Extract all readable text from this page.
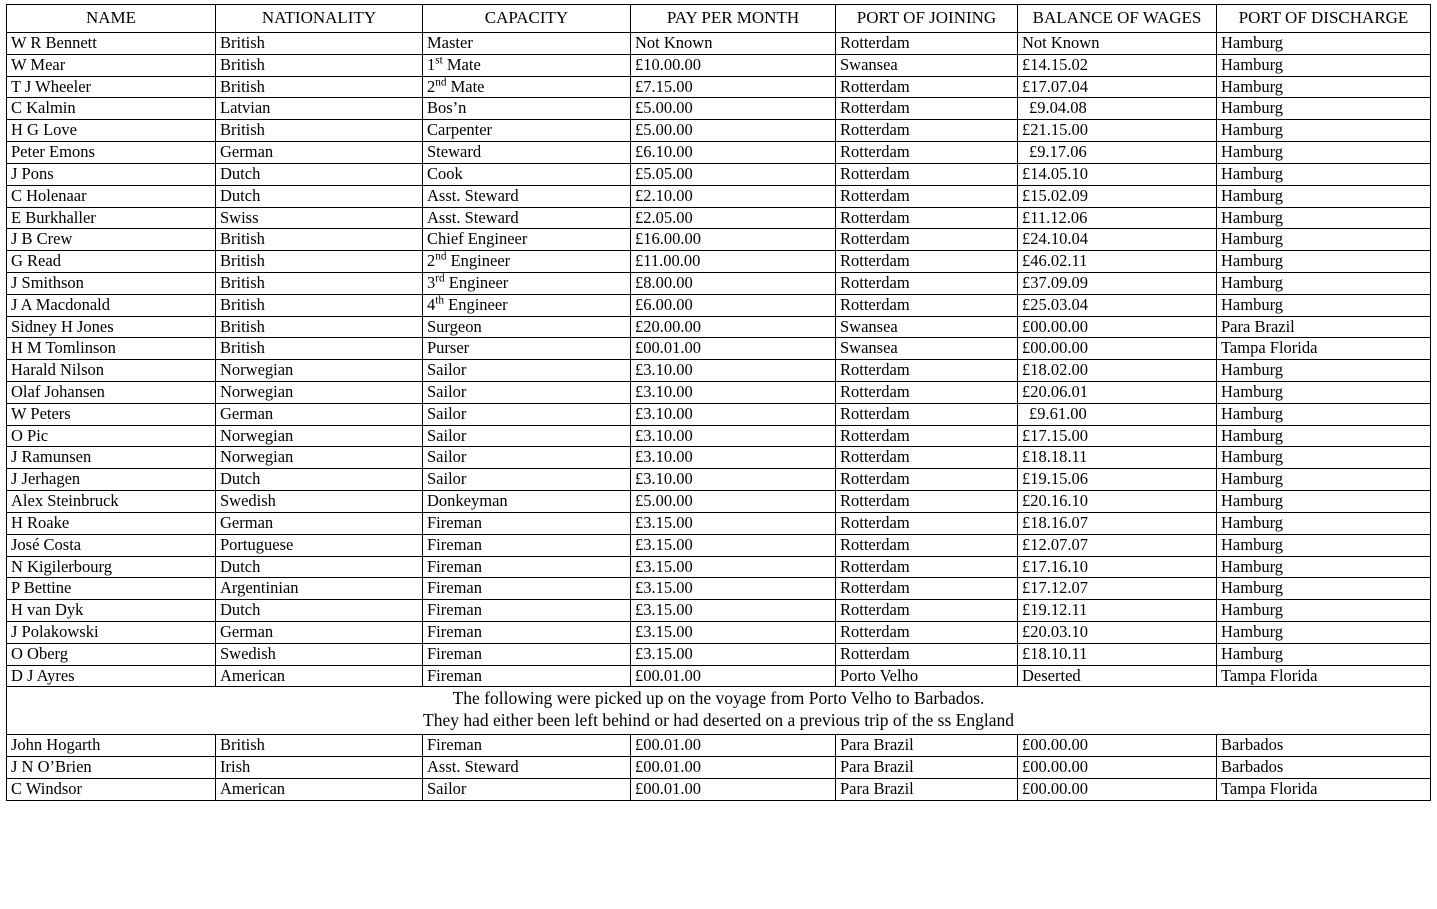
NAME	NATIONALITY	CAPACITY	PAY PER MONTH	PORT OF JOINING	BALANCE OF WAGES	PORT OF DISCHARGE
W R Bennett	British	Master	Not Known	Rotterdam	Not Known	Hamburg
W Mear	British	1st Mate	£10.00.00	Swansea	£14.15.02	Hamburg
T J Wheeler	British	2nd Mate	£7.15.00	Rotterdam	£17.07.04	Hamburg
C Kalmin	Latvian	Bos’n	£5.00.00	Rotterdam	£9.04.08	Hamburg
H G Love	British	Carpenter	£5.00.00	Rotterdam	£21.15.00	Hamburg
Peter Emons	German	Steward	£6.10.00	Rotterdam	£9.17.06	Hamburg
J Pons	Dutch	Cook	£5.05.00	Rotterdam	£14.05.10	Hamburg
C Holenaar	Dutch	Asst. Steward	£2.10.00	Rotterdam	£15.02.09	Hamburg
E Burkhaller	Swiss	Asst. Steward	£2.05.00	Rotterdam	£11.12.06	Hamburg
J B Crew	British	Chief Engineer	£16.00.00	Rotterdam	£24.10.04	Hamburg
G Read	British	2nd Engineer	£11.00.00	Rotterdam	£46.02.11	Hamburg
J Smithson	British	3rd Engineer	£8.00.00	Rotterdam	£37.09.09	Hamburg
J A Macdonald	British	4th Engineer	£6.00.00	Rotterdam	£25.03.04	Hamburg
Sidney H Jones	British	Surgeon	£20.00.00	Swansea	£00.00.00	Para Brazil
H M Tomlinson	British	Purser	£00.01.00	Swansea	£00.00.00	Tampa Florida
Harald Nilson	Norwegian	Sailor	£3.10.00	Rotterdam	£18.02.00	Hamburg
Olaf Johansen	Norwegian	Sailor	£3.10.00	Rotterdam	£20.06.01	Hamburg
W Peters	German	Sailor	£3.10.00	Rotterdam	£9.61.00	Hamburg
O Pic	Norwegian	Sailor	£3.10.00	Rotterdam	£17.15.00	Hamburg
J Ramunsen	Norwegian	Sailor	£3.10.00	Rotterdam	£18.18.11	Hamburg
J Jerhagen	Dutch	Sailor	£3.10.00	Rotterdam	£19.15.06	Hamburg
Alex Steinbruck	Swedish	Donkeyman	£5.00.00	Rotterdam	£20.16.10	Hamburg
H Roake	German	Fireman	£3.15.00	Rotterdam	£18.16.07	Hamburg
José Costa	Portuguese	Fireman	£3.15.00	Rotterdam	£12.07.07	Hamburg
N Kigilerbourg	Dutch	Fireman	£3.15.00	Rotterdam	£17.16.10	Hamburg
P Bettine	Argentinian	Fireman	£3.15.00	Rotterdam	£17.12.07	Hamburg
H van Dyk	Dutch	Fireman	£3.15.00	Rotterdam	£19.12.11	Hamburg
J Polakowski	German	Fireman	£3.15.00	Rotterdam	£20.03.10	Hamburg
O Oberg	Swedish	Fireman	£3.15.00	Rotterdam	£18.10.11	Hamburg
D J Ayres	American	Fireman	£00.01.00	Porto Velho	Deserted	Tampa Florida

The following were picked up on the voyage from Porto Velho to Barbados.
They had either been left behind or had deserted on a previous trip of the ss England						

John Hogarth	British	Fireman	£00.01.00	Para Brazil	£00.00.00	Barbados
J N O’Brien	Irish	Asst. Steward	£00.01.00	Para Brazil	£00.00.00	Barbados
C Windsor	American	Sailor	£00.01.00	Para Brazil	£00.00.00	Tampa Florida
